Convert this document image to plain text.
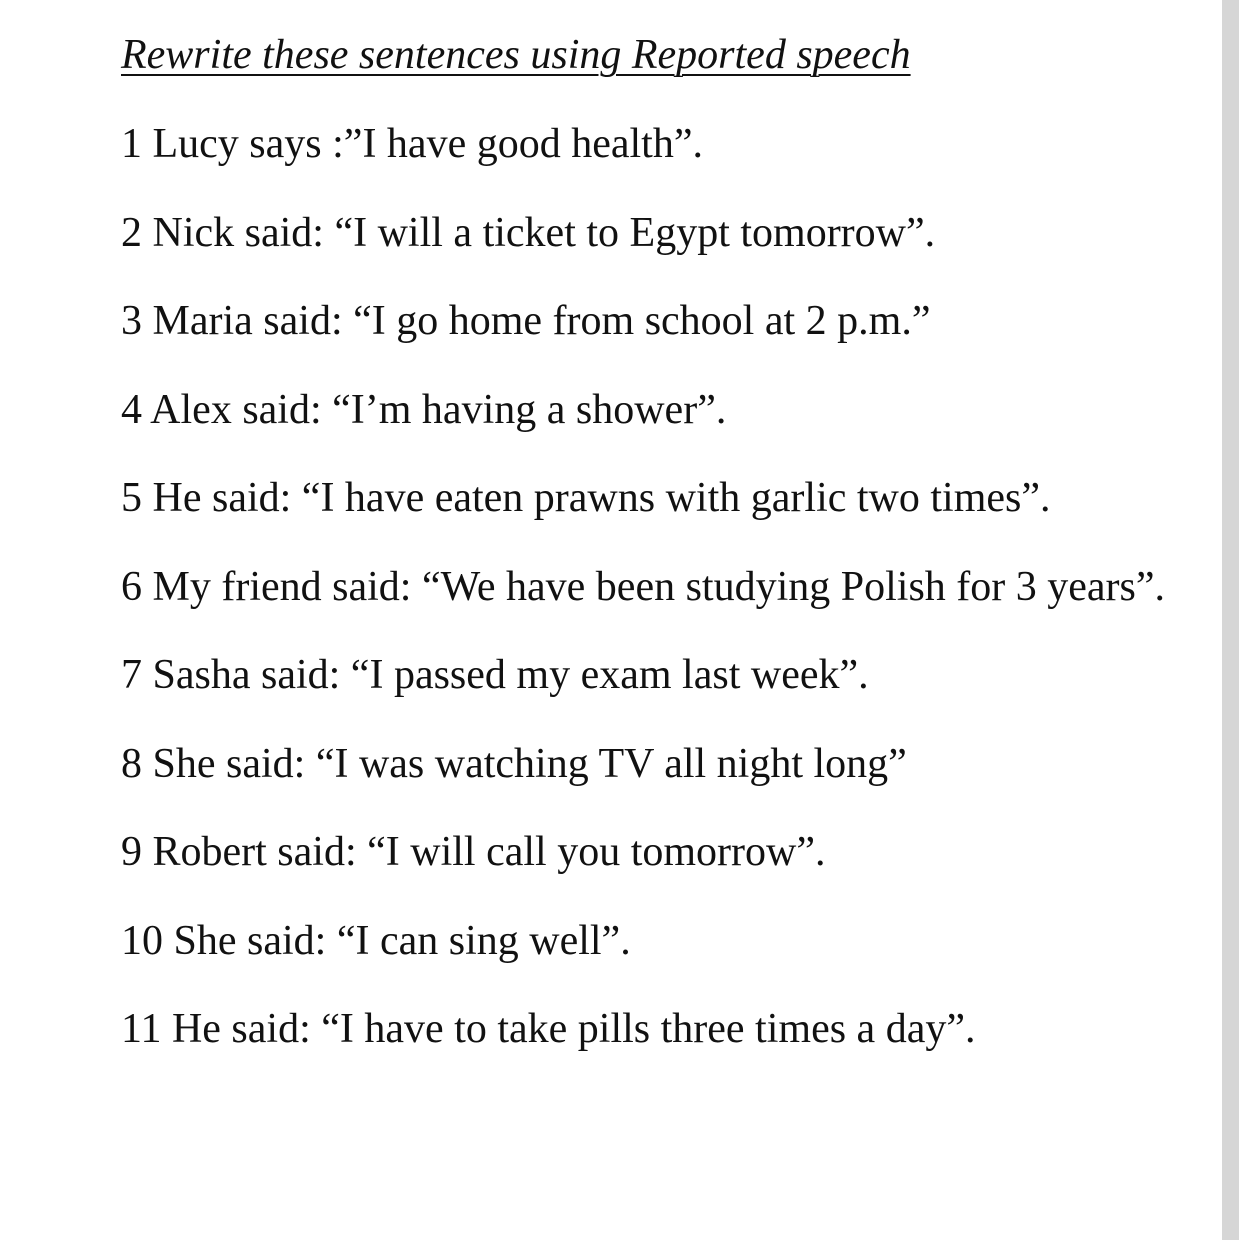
Rewrite these sentences using Reported speech
1 Lucy says :”I have good health”.
2 Nick said: “I will a ticket to Egypt tomorrow”.
3 Maria said: “I go home from school at 2 p.m.”
4 Alex said: “I’m having a shower”.
5 He said: “I have eaten prawns with garlic two times”.
6 My friend said: “We have been studying Polish for 3 years”.
7 Sasha said: “I passed my exam last week”.
8 She said: “I was watching TV all night long”
9 Robert said: “I will call you tomorrow”.
10 She said: “I can sing well”.
11 He said: “I have to take pills three times a day”.
